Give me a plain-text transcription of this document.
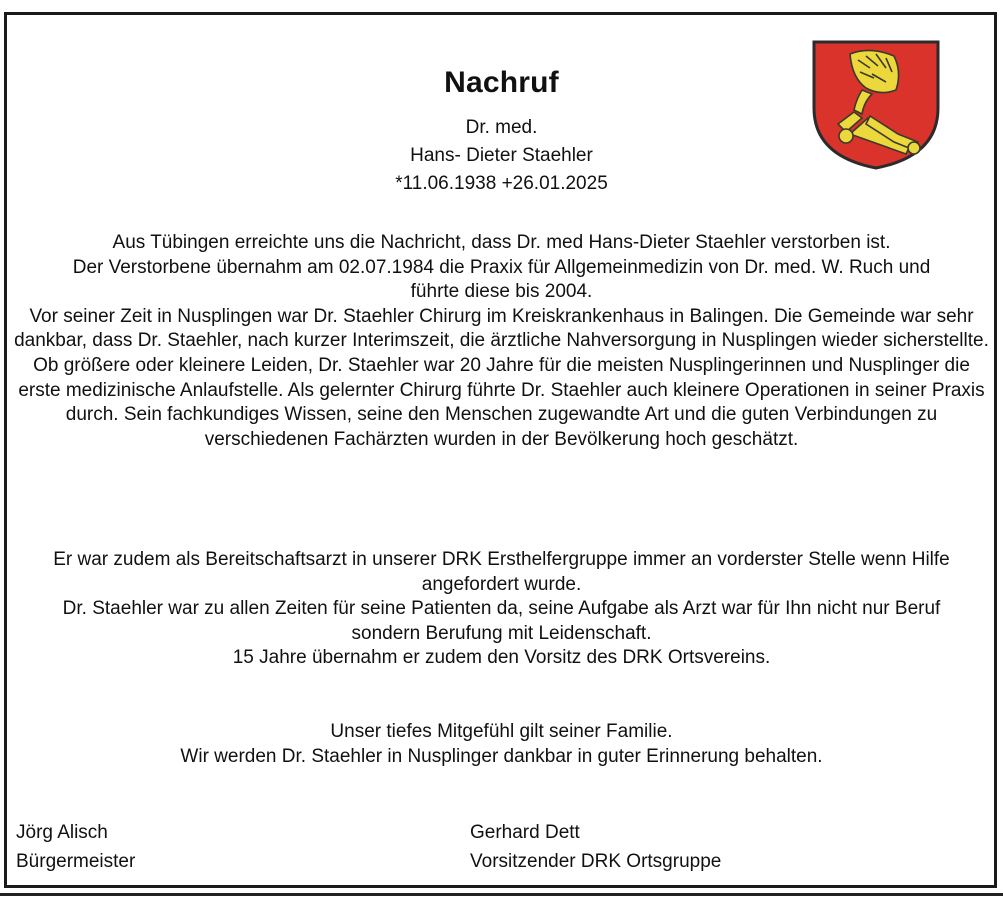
Nachruf
Dr. med.
Hans- Dieter Staehler
*11.06.1938 +26.01.2025

Aus Tübingen erreichte uns die Nachricht, dass Dr. med Hans-Dieter Staehler verstorben ist.

Der Verstorbene übernahm am 02.07.1984 die Praxix für Allgemeinmedizin von Dr. med. W. Ruch und führte diese bis 2004.

Vor seiner Zeit in Nusplingen war Dr. Staehler Chirurg im Kreiskrankenhaus in Balingen. Die Gemeinde war sehr dankbar, dass Dr. Staehler, nach kurzer Interimszeit, die ärztliche Nahversorgung in Nusplingen wieder sicherstellte. Ob größere oder kleinere Leiden, Dr. Staehler war 20 Jahre für die meisten Nusplingerinnen und Nusplinger die erste medizinische Anlaufstelle. Als gelernter Chirurg führte Dr. Staehler auch kleinere Operationen in seiner Praxis durch. Sein fachkundiges Wissen, seine den Menschen zugewandte Art und die guten Verbindungen zu verschiedenen Fachärzten wurden in der Bevölkerung hoch geschätzt.

Er war zudem als Bereitschaftsarzt in unserer DRK Ersthelfergruppe immer an vorderster Stelle wenn Hilfe angefordert wurde.

Dr. Staehler war zu allen Zeiten für seine Patienten da, seine Aufgabe als Arzt war für Ihn nicht nur Beruf sondern Berufung mit Leidenschaft.

15 Jahre übernahm er zudem den Vorsitz des DRK Ortsvereins.

Unser tiefes Mitgefühl gilt seiner Familie.

Wir werden Dr. Staehler in Nusplinger dankbar in guter Erinnerung behalten.

Jörg Alisch
Bürgermeister
Gerhard Dett
Vorsitzender DRK Ortsgruppe
